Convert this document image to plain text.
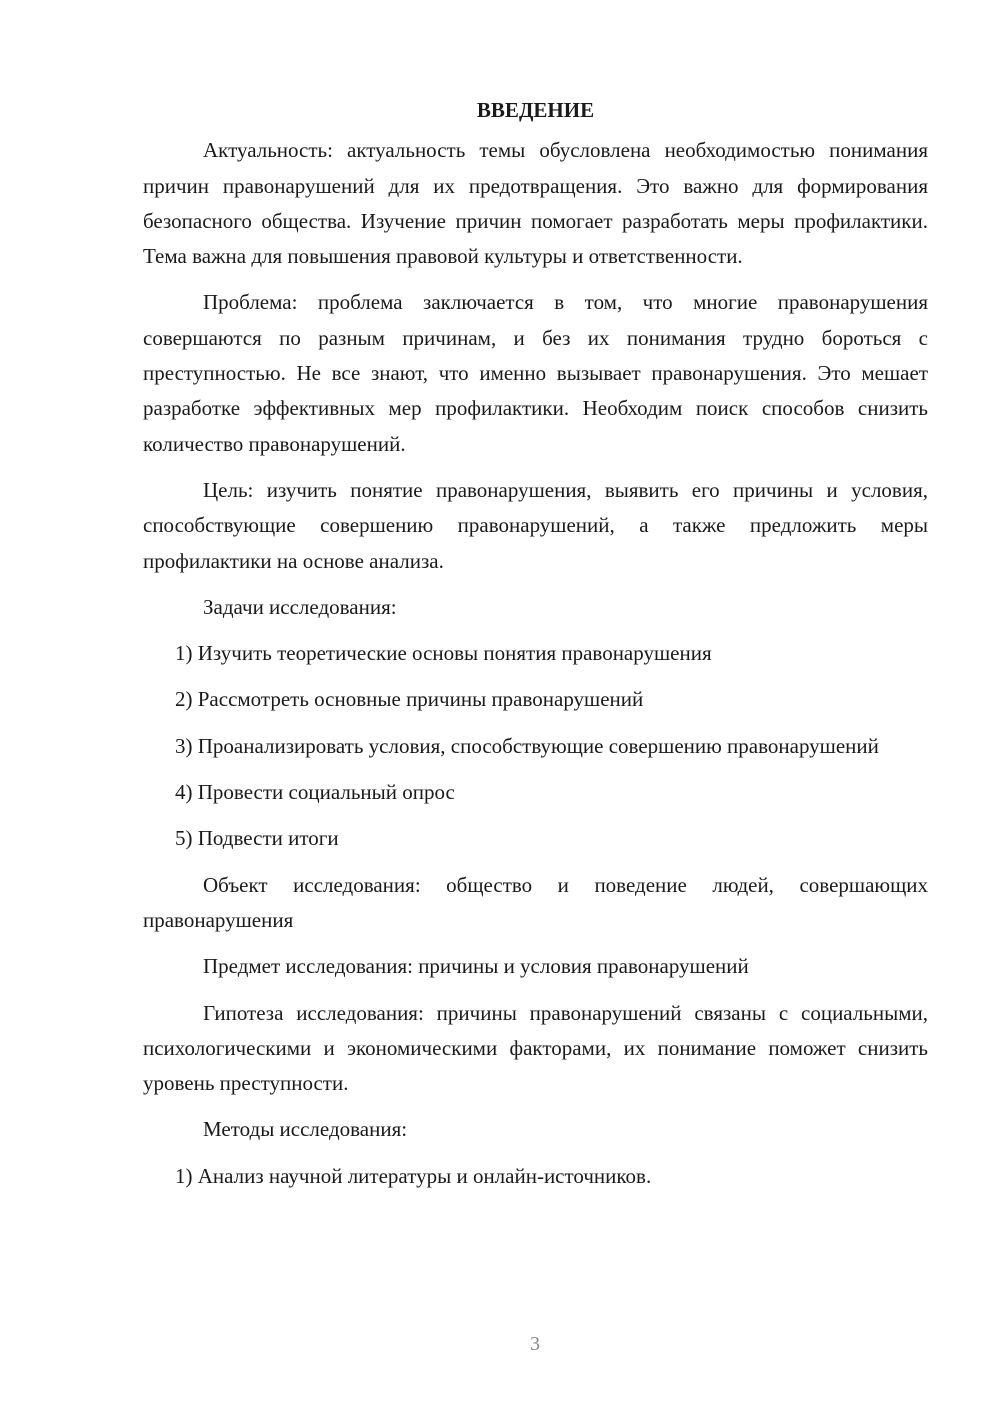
ВВЕДЕНИЕ

Актуальность: актуальность темы обусловлена необходимостью понимания причин правонарушений для их предотвращения. Это важно для формирования безопасного общества. Изучение причин помогает разработать меры профилактики. Тема важна для повышения правовой культуры и ответственности.

Проблема: проблема заключается в том, что многие правонарушения совершаются по разным причинам, и без их понимания трудно бороться с преступностью. Не все знают, что именно вызывает правонарушения. Это мешает разработке эффективных мер профилактики. Необходим поиск способов снизить количество правонарушений.

Цель: изучить понятие правонарушения, выявить его причины и условия, способствующие совершению правонарушений, а также предложить меры профилактики на основе анализа.

Задачи исследования:

1) Изучить теоретические основы понятия правонарушения

2) Рассмотреть основные причины правонарушений

3) Проанализировать условия, способствующие совершению правонарушений

4) Провести социальный опрос

5) Подвести итоги

Объект исследования: общество и поведение людей, совершающих правонарушения

Предмет исследования: причины и условия правонарушений

Гипотеза исследования: причины правонарушений связаны с социальными, психологическими и экономическими факторами, их понимание поможет снизить уровень преступности.

Методы исследования:

1) Анализ научной литературы и онлайн-источников.

3
